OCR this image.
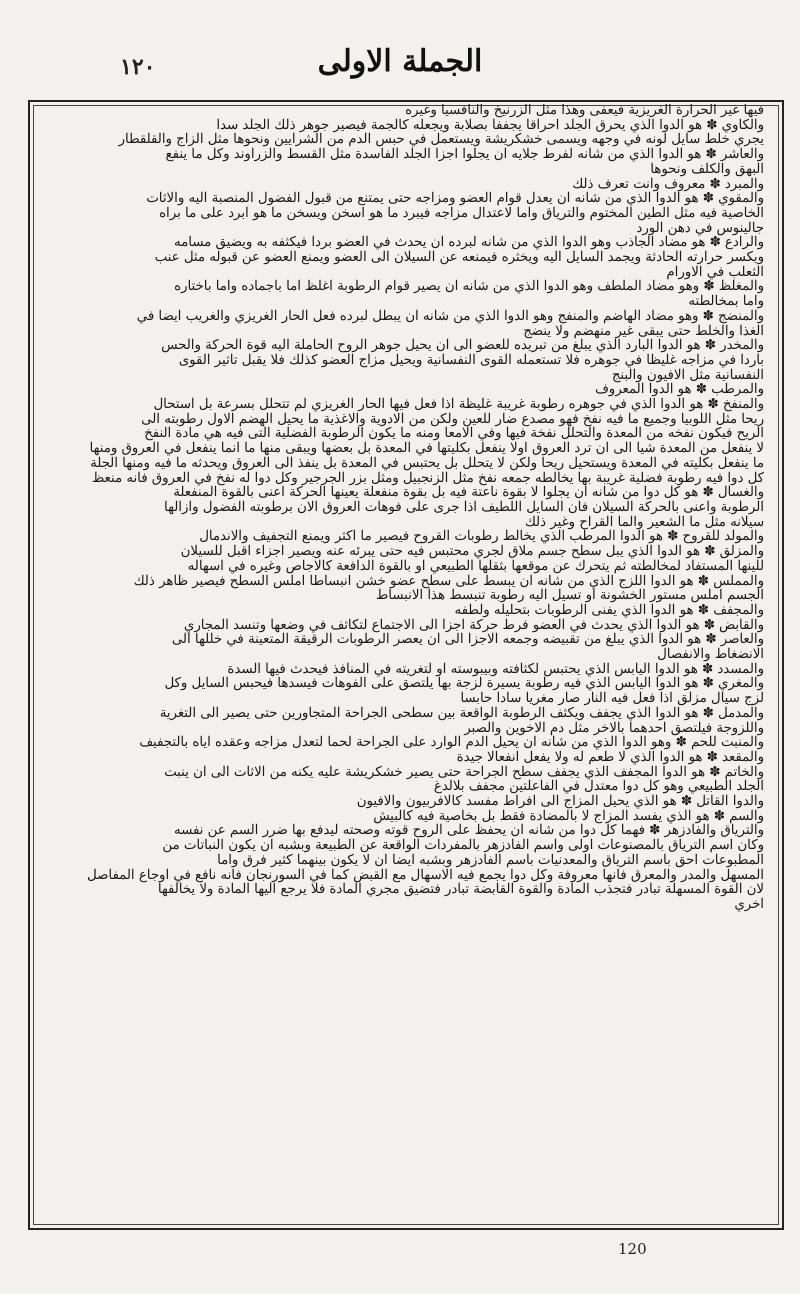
١٢٠	الجملة الاولى

فيها غير الحرارة الغريزية فيعفى وهذا مثل الزرنيخ والنافسيا وغيره

والكاوي ✽ هو الدوا الذي يحرق الجلد احراقا يجففا بصلابة ويجعله كالجمة فيصير جوهر ذلك الجلد سدا

يجري خلط سايل لونه في وجهه ويسمى خشكريشة ويستعمل في حبس الدم من الشرايين ونحوها مثل الزاج والقلقطار

والعاشر ✽ هو الدوا الذي من شانه لفرط جلايه ان يجلوا اجزا الجلد الفاسدة مثل القسط والزراوند وكل ما ينفع

البهق والكلف ونحوها

والمبرد ✽ معروف وانت تعرف ذلك

والمقوي ✽ هو الدوا الذي من شانه ان يعدل قوام العضو ومزاجه حتى يمتنع من قبول الفضول المنصبة اليه والاثات

الخاصية فيه مثل الطين المختوم والترياق واما لاعتدال مزاجه فيبرد ما هو اسخن ويسخن ما هو ابرد على ما براه

جالينوس في دهن الورد

والرادع ✽ هو مضاد الجاذب وهو الدوا الذي من شانه لبرده ان يحدث في العضو بردا فيكثفه به ويضيق مسامه

ويكسر حرارته الحادثة ويجمد السايل اليه ويخثره فيمنعه عن السيلان الى العضو ويمنع العضو عن قبوله مثل عنب

الثعلب في الاورام

والمغلظ ✽ وهو مضاد الملطف وهو الدوا الذي من شانه ان يصير قوام الرطوبة اغلظ اما باجماده واما باختاره

واما بمخالطته

والمنضج ✽ وهو مضاد الهاضم والمنفج وهو الدوا الذي من شانه ان يبطل لبرده فعل الحار الغريزي والغريب ايضا في

الغذا والخلط حتى يبقى غير منهضم ولا ينضج

والمخدر ✽ هو الدوا البارد الذي يبلغ من تبريده للعضو الى ان يحيل جوهر الروح الحاملة اليه قوة الحركة والحس

باردا في مزاجه غليظا في جوهره فلا تستعمله القوى النفسانية ويحيل مزاج العضو كذلك فلا يقبل تاثير القوى

النفسانية مثل الافيون والبنج

والمرطب ✽ هو الدوا المعروف

والمنفخ ✽ هو الدوا الذي في جوهره رطوبة غريبة غليظة اذا فعل فيها الحار الغريزي لم تتحلل بسرعة بل استحال

ريحا مثل اللوبيا وجميع ما فيه نفخ فهو مصدع ضار للعين ولكن من الادوية والاغذية ما يحيل الهضم الاول رطوبته الى

الريح فيكون نفخه من المعدة والتحلل نفخة فيها وفي الامعا ومنه ما يكون الرطوبة الفضلية التى فيه هي مادة النفخ

لا ينفعل من المعدة شيا الى ان ترد العروق اولا ينفعل بكليتها في المعدة بل بعضها ويبقى منها ما انما ينفعل في العروق ومنها

ما ينفعل بكليته في المعدة ويستحيل ريحا ولكن لا يتحلل بل يحتبس في المعدة بل ينفذ الى العروق ويحدثه ما فيه ومنها الجلة

كل دوا فيه رطوبة فضلية غريبة بها يخالطه جمعه نفخ مثل الزنجبيل ومثل بزر الجرجير وكل دوا له نفخ في العروق فانه منعظ

والغسال ✽ هو كل دوا من شانه ان يجلوا لا بقوة ناعتة فيه بل بقوة منفعلة يعينها الحركة اعنى بالقوة المنفعلة

الرطوبة واعنى بالحركة السيلان فان السايل اللطيف اذا جرى على فوهات العروق الان برطوبته الفضول وازالها

سيلانه مثل ما الشعير والما القراح وغير ذلك

والمولد للقروح ✽ هو الدوا المرطب الذي يخالط رطوبات القروح فيصير ما اكثر ويمنع التجفيف والاندمال

والمزلق ✽ هو الدوا الذي يبل سطح جسم ملاق لجري محتبس فيه حتى يبرئه عنه ويصير اجزاء اقبل للسيلان

للينها المستفاد لمخالطته ثم يتحرك عن موقعها بثقلها الطبيعي او بالقوة الدافعة كالاجاص وغيره في اسهاله

والمملس ✽ هو الدوا اللزج الذي من شانه ان يبسط على سطح عضو خشن انبساطا املس السطح فيصير ظاهر ذلك

الجسم املس مستور الخشونة او تسيل اليه رطوبة تنبسط هذا الانبساط

والمجفف ✽ هو الدوا الذي يفنى الرطوبات بتحليله ولطفه

والقابض ✽ هو الدوا الذي يحدث في العضو فرط حركة اجزا الى الاجتماع لتكاثف في وضعها وتنسد المجاري

والعاصر ✽ هو الدوا الذي يبلغ من تقبيضه وجمعه الاجزا الى ان يعصر الرطوبات الرقيقة المتعينة في خللها الى

الانضغاط والانفصال

والمسدد ✽ هو الدوا اليابس الذي يحتبس لكثافته وبيبوسته او لتغريته في المنافذ فيحدث فيها السدة

والمغري ✽ هو الدوا اليابس الذي فيه رطوبة يسيرة لزجة بها يلتصق على الفوهات فيسدها فيحبس السايل وكل

لزج سيال مزلق اذا فعل فيه النار صار مغريا سادا حابسا

والمدمل ✽ هو الدوا الذي يجفف ويكثف الرطوبة الواقعة بين سطحى الجراحة المتجاورين حتى يصير الى التغرية

واللزوجة فيلتصق احدهما بالاخر مثل دم الاخوين والصبر

والمنبت للحم ✽ وهو الدوا الذي من شانه ان يحيل الدم الوارد على الجراحة لحما لتعدل مزاجه وعقده اياه بالتجفيف

والمقعد ✽ هو الدوا الذي لا طعم له ولا يفعل انفعالا جيدة

والخاتم ✽ هو الدوا المجفف الذي يجفف سطح الجراحة حتى يصير خشكريشة عليه يكنه من الاثات الى ان ينبت

الجلد الطبيعي وهو كل دوا معتدل في الفاعلتين مجفف بلالدغ

والدوا القاتل ✽ هو الذي يحيل المزاج الى افراط مفسد كالافربيون والافيون

والسم ✽ هو الذي يفسد المزاج لا بالمضادة فقط بل بخاصية فيه كالبيش

والترياق والفادزهر ✽ فهما كل دوا من شانه ان يحفظ على الروح قوته وصحته ليدفع بها ضرر السم عن نفسه

وكان اسم الترياق بالمصنوعات اولى واسم الفادزهر بالمفردات الواقعة عن الطبيعة وبشبه ان يكون النباتات من

المطبوعات احق باسم الترياق والمعدنيات باسم الفادزهر وبشبه ايضا ان لا يكون بينهما كثير فرق واما

المسهل والمدر والمعرق فانها معروفة وكل دوا يجمع فيه الاسهال مع القبض كما في السورنجان فانه نافع في اوجاع المفاصل

لان القوة المسهلة تبادر فتجذب المادة والقوة القابضة تبادر فتضيق مجري المادة فلا يرجع اليها المادة ولا يخالفها

اخري

120
